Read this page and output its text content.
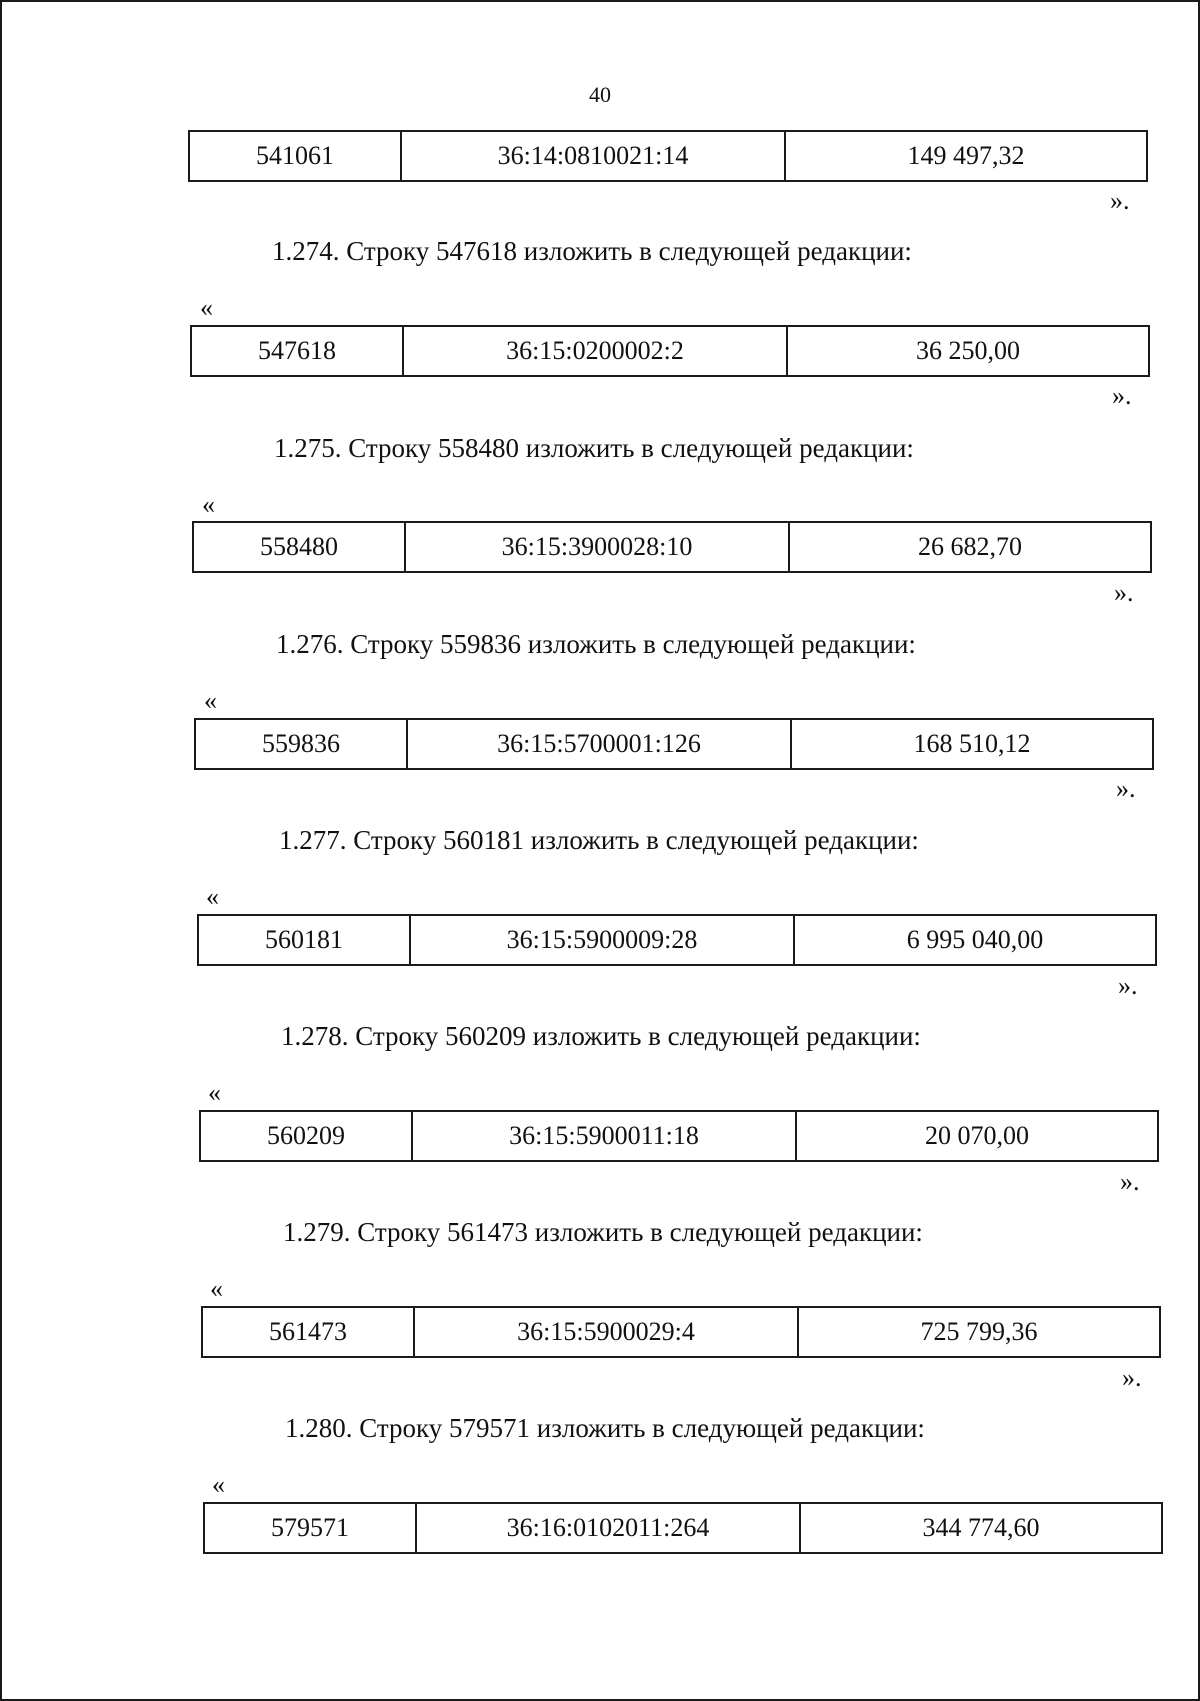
40
541061	36:14:0810021:14	149 497,32
».
1.274. Строку 547618 изложить в следующей редакции:
«
547618	36:15:0200002:2	36 250,00
».
1.275. Строку 558480 изложить в следующей редакции:
«
558480	36:15:3900028:10	26 682,70
».
1.276. Строку 559836 изложить в следующей редакции:
«
559836	36:15:5700001:126	168 510,12
».
1.277. Строку 560181 изложить в следующей редакции:
«
560181	36:15:5900009:28	6 995 040,00
».
1.278. Строку 560209 изложить в следующей редакции:
«
560209	36:15:5900011:18	20 070,00
».
1.279. Строку 561473 изложить в следующей редакции:
«
561473	36:15:5900029:4	725 799,36
».
1.280. Строку 579571 изложить в следующей редакции:
«
579571	36:16:0102011:264	344 774,60
